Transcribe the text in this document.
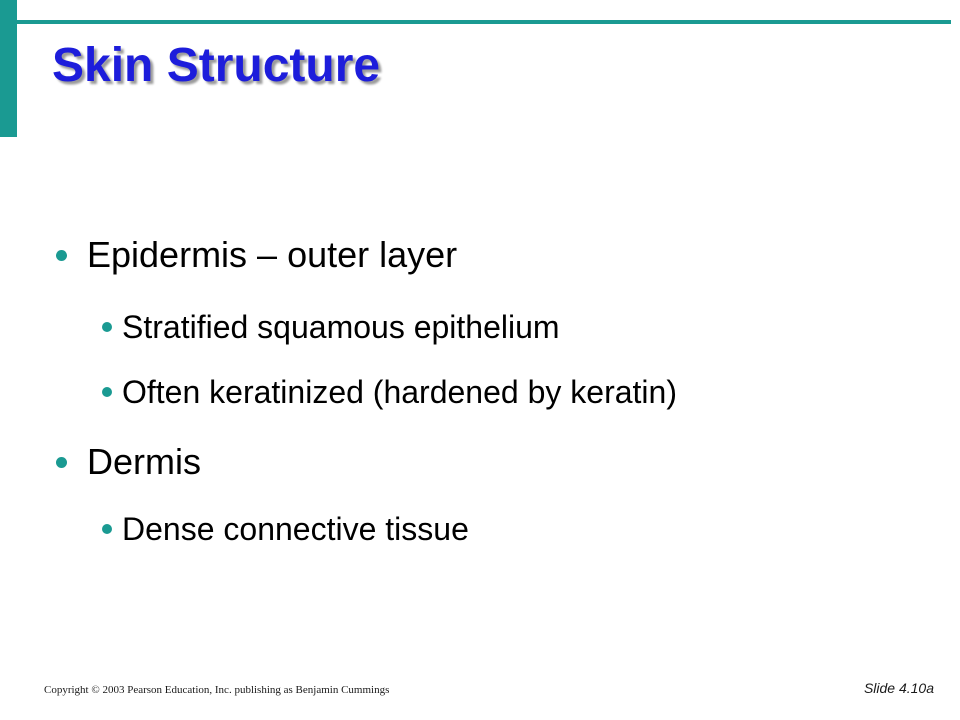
Skin Structure
Epidermis – outer layer
Stratified squamous epithelium
Often keratinized (hardened by keratin)
Dermis
Dense connective tissue
Copyright © 2003 Pearson Education, Inc. publishing as Benjamin Cummings	Slide 4.10a
